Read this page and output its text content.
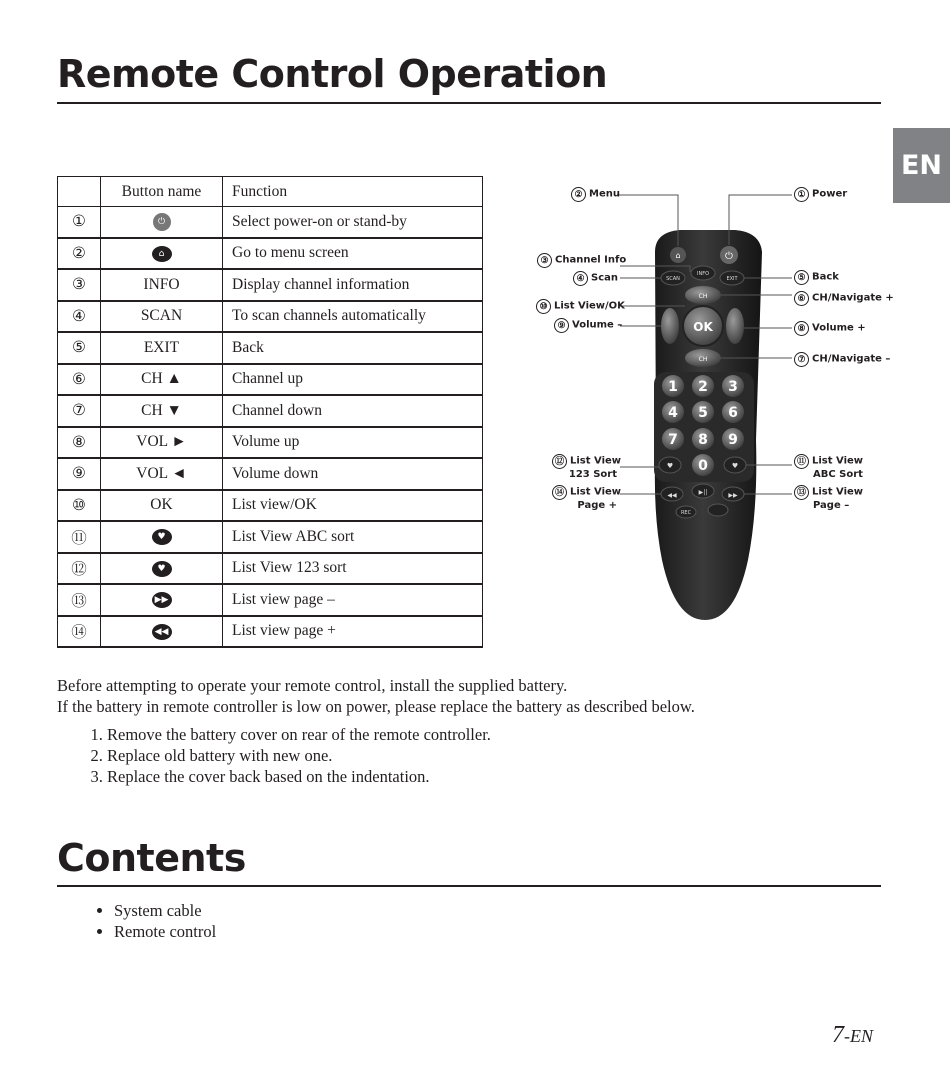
Remote Control Operation
EN
	Button name	Function
①	⏻	Select power-on or stand-by
②	⌂	Go to menu screen
③	INFO	Display channel information
④	SCAN	To scan channels automatically
⑤	EXIT	Back
⑥	CH ▲	Channel up
⑦	CH ▼	Channel down
⑧	VOL ►	Volume up
⑨	VOL ◄	Volume down
⑩	OK	List view/OK
⑪	♥	List View ABC sort
⑫	♥	List View 123 sort
⑬	▶▶	List view page –
⑭	◀◀	List view page +
⌂	⏻
SCAN
INFO
EXIT
CH
CH
OK
1 2 3
4 5 6
7 8 9
0
♥	♥
◀◀	▶||	▶▶
REC
② Menu	① Power
③ Channel Info
④ Scan	⑤ Back
⑥ CH/Navigate +
⑩ List View/OK
⑨ Volume –	⑧ Volume +
⑦ CH/Navigate –
⑫ List View
123 Sort
⑪ List View
ABC Sort
⑭ List View
Page +
⑬ List View
Page –

Before attempting to operate your remote control, install the supplied battery.

If the battery in remote controller is low on power, please replace the battery as described below.

1. Remove the battery cover on rear of the remote controller.
2. Replace old battery with new one.
3. Replace the cover back based on the indentation.
Contents
• System cable
• Remote control
7-EN
